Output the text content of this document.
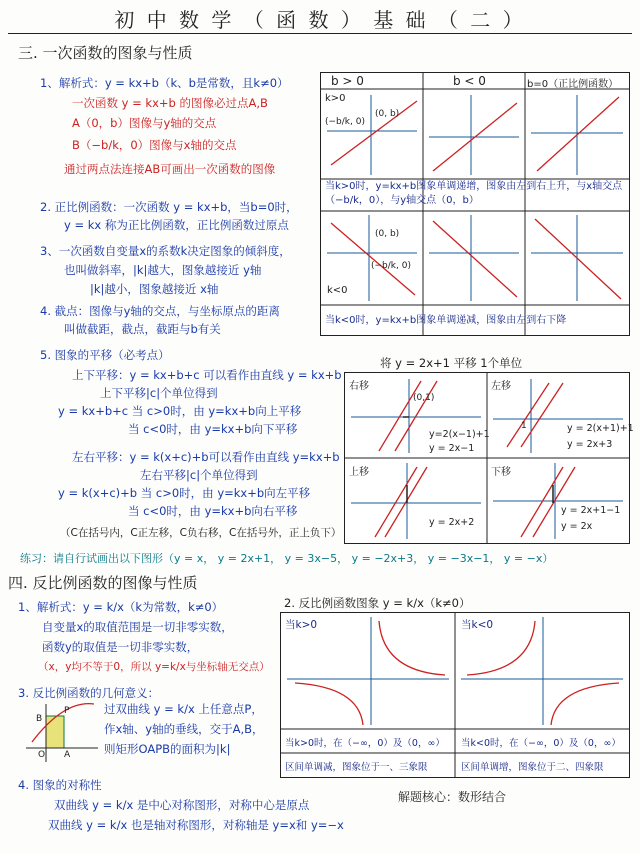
初 中 数 学 （ 函 数 ） 基 础 （ 二 ）
三. 一次函数的图象与性质
1、解析式：y = kx+b（k、b是常数，且k≠0）
一次函数 y = kx+b 的图像必过点A,B
A（0，b）图像与y轴的交点
B（−b/k，0）图像与x轴的交点
通过两点法连接AB可画出一次函数的图像
2. 正比例函数：一次函数 y = kx+b，当b=0时，
y = kx 称为正比例函数，正比例函数过原点
3、一次函数自变量x的系数k决定图象的倾斜度，
也叫做斜率，|k|越大，图象越接近 y轴
|k|越小，图象越接近 x轴
4. 截点：图像与y轴的交点，与坐标原点的距离
叫做截距，截点，截距与b有关
5. 图象的平移（必考点）
上下平移：y = kx+b+c 可以看作由直线 y = kx+b
上下平移|c|个单位得到
y = kx+b+c 当 c>0时，由 y=kx+b向上平移
当 c<0时，由 y=kx+b向下平移
左右平移：y = k(x+c)+b可以看作由直线 y=kx+b
左右平移|c|个单位得到
y = k(x+c)+b 当 c>0时，由 y=kx+b向左平移
当 c<0时，由 y=kx+b向右平移
（C在括号内，C正左移，C负右移，C在括号外，正上负下）
练习：请自行试画出以下图形（y = x， y = 2x+1， y = 3x−5， y = −2x+3， y = −3x−1， y = −x）
b > 0	b < 0	b=0（正比例函数）
k>0
(−b/k, 0)
(0, b)
(0, b)
(−b/k, 0)
k<0
当k>0时，y=kx+b图象单调递增，图象由左到右上升，与x轴交点（−b/k，0），与y轴交点（0，b）
当k<0时，y=kx+b图象单调递减，图象由左到右下降
将 y = 2x+1 平移 1个单位
右移
(0,1)
y=2(x−1)+1
y = 2x−1
左移
1	y = 2(x+1)+1
y = 2x+3
上移
y = 2x+2
下移
y = 2x+1−1
y = 2x
四. 反比例函数的图像与性质
1、解析式：y = k/x（k为常数，k≠0）
自变量x的取值范围是一切非零实数，
函数y的取值是一切非零实数，
（x，y均不等于0，所以 y=k/x与坐标轴无交点）
3. 反比例函数的几何意义：
P
B
A
O
过双曲线 y = k/x 上任意点P，
作x轴、y轴的垂线，交于A,B，
则矩形OAPB的面积为|k|
4. 图象的对称性
双曲线 y = k/x 是中心对称图形，对称中心是原点
双曲线 y = k/x 也是轴对称图形，对称轴是 y=x和 y=−x
2. 反比例函数图象 y = k/x（k≠0）
当k>0	当k<0
当k>0时，在（−∞，0）及（0，∞）
区间单调减，图象位于一、三象限
当k<0时，在（−∞，0）及（0，∞）
区间单调增，图象位于二、四象限
解题核心：数形结合
